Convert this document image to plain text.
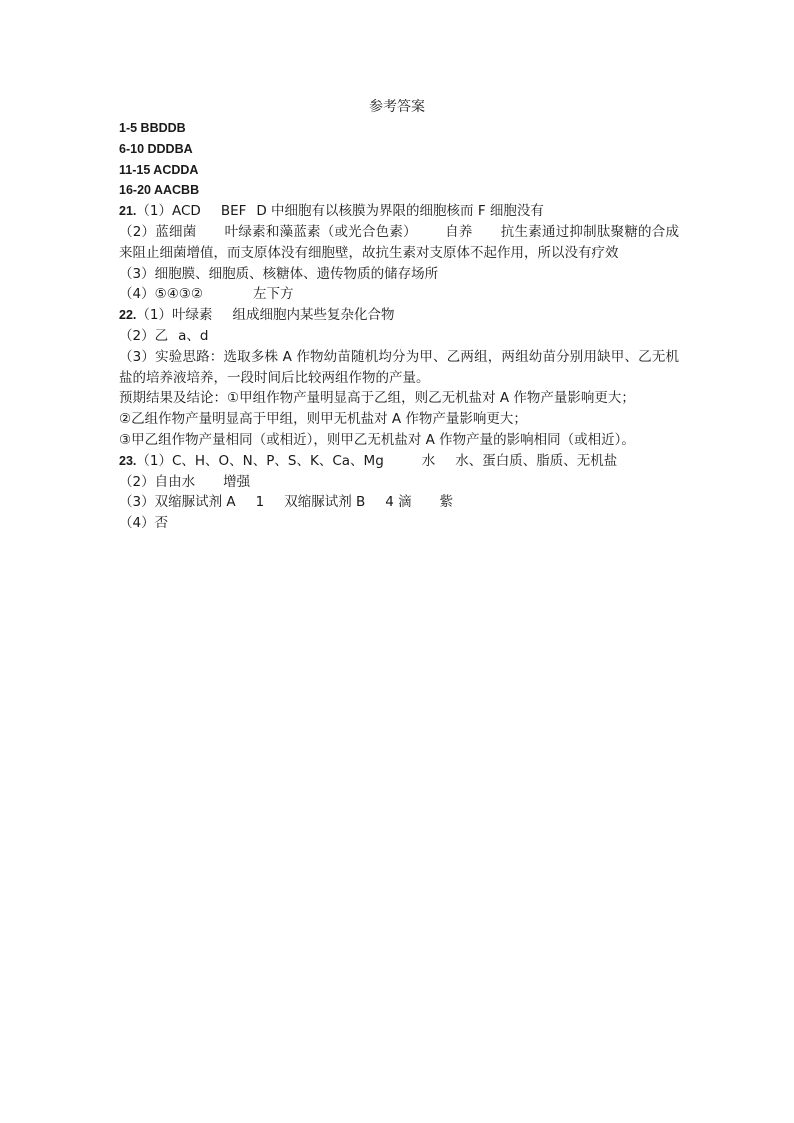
参考答案
1-5 BBDDB
6-10 DDDBA
11-15 ACDDA
16-20 AACBB
21.（1）ACD BEF D 中细胞有以核膜为界限的细胞核而 F 细胞没有
（2）蓝细菌 叶绿素和藻蓝素（或光合色素） 自养 抗生素通过抑制肽聚糖的合成来阻止细菌增值，而支原体没有细胞壁，故抗生素对支原体不起作用，所以没有疗效
（3）细胞膜、细胞质、核糖体、遗传物质的储存场所
（4）⑤④③②	左下方
22.（1）叶绿素 组成细胞内某些复杂化合物
（2）乙 a、d
（3）实验思路：选取多株 A 作物幼苗随机均分为甲、乙两组，两组幼苗分别用缺甲、乙无机盐的培养液培养，一段时间后比较两组作物的产量。
预期结果及结论：①甲组作物产量明显高于乙组，则乙无机盐对 A 作物产量影响更大；
②乙组作物产量明显高于甲组，则甲无机盐对 A 作物产量影响更大；
③甲乙组作物产量相同（或相近），则甲乙无机盐对 A 作物产量的影响相同（或相近）。
23.（1）C、H、O、N、P、S、K、Ca、Mg	水 水、蛋白质、脂质、无机盐
（2）自由水 增强
（3）双缩脲试剂 A 1 双缩脲试剂 B 4 滴 紫
（4）否
